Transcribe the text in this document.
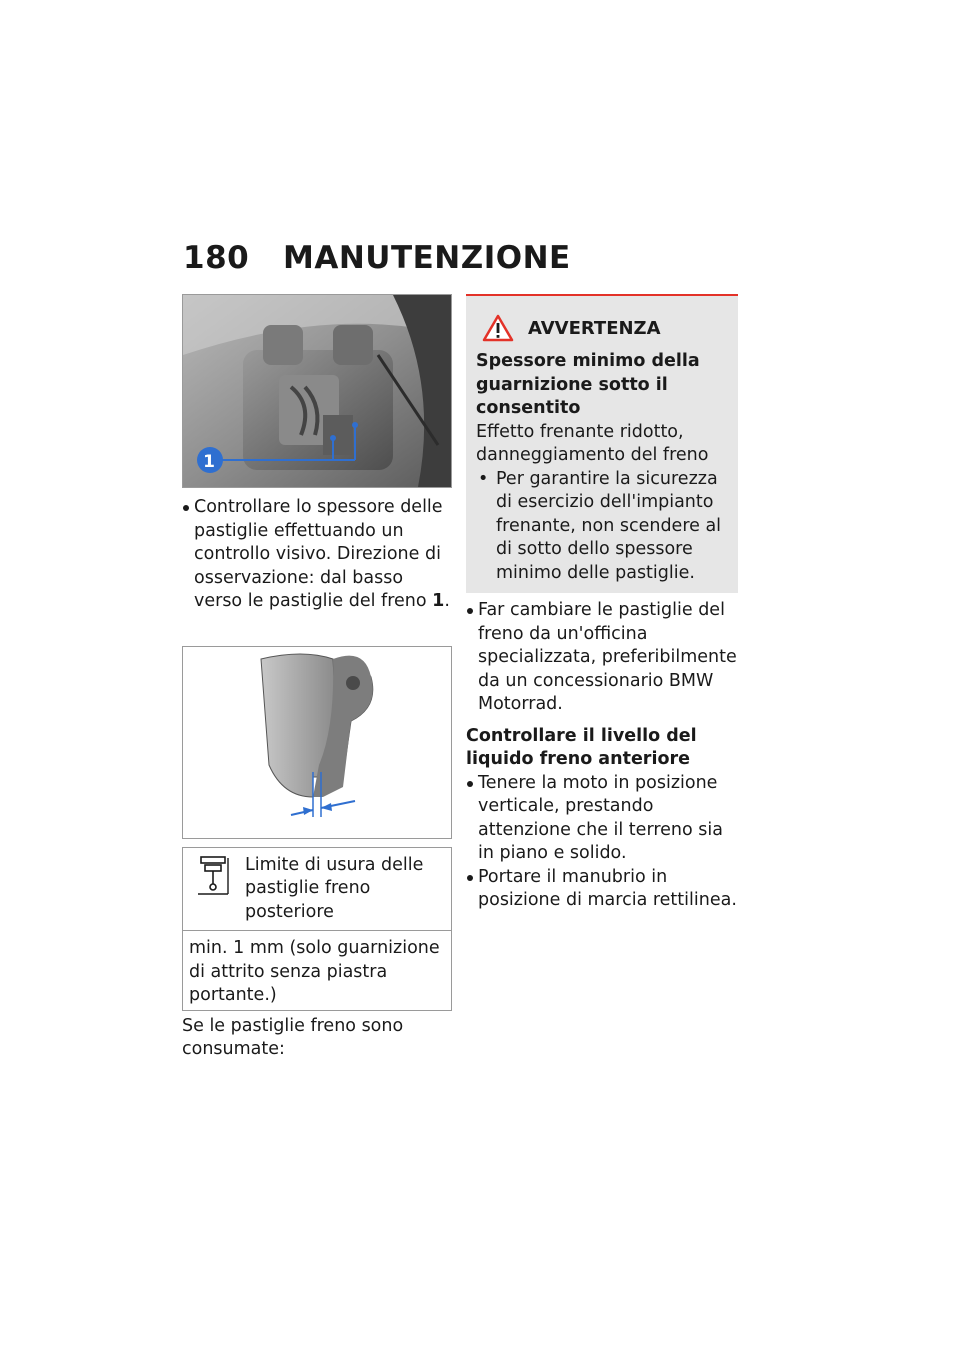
180 MANUTENZIONE
1
Controllare lo spessore delle pastiglie effettuando un controllo visivo. Direzione di osservazione: dal basso verso le pastiglie del freno 1.
Limite di usura delle pastiglie freno posteriore
min. 1 mm (solo guarnizione di attrito senza piastra portante.)

Se le pastiglie freno sono consumate:

AVVERTENZA
Spessore minimo della guarnizione sotto il consentito
Effetto frenante ridotto, danneggiamento del freno
• Per garantire la sicurezza di esercizio dell'impianto frenante, non scendere al di sotto dello spessore minimo delle pastiglie.
Far cambiare le pastiglie del freno da un'officina specializzata, preferibilmente da un concessionario BMW Motorrad.
Controllare il livello del liquido freno anteriore
Tenere la moto in posizione verticale, prestando attenzione che il terreno sia in piano e solido.
Portare il manubrio in posizione di marcia rettilinea.
